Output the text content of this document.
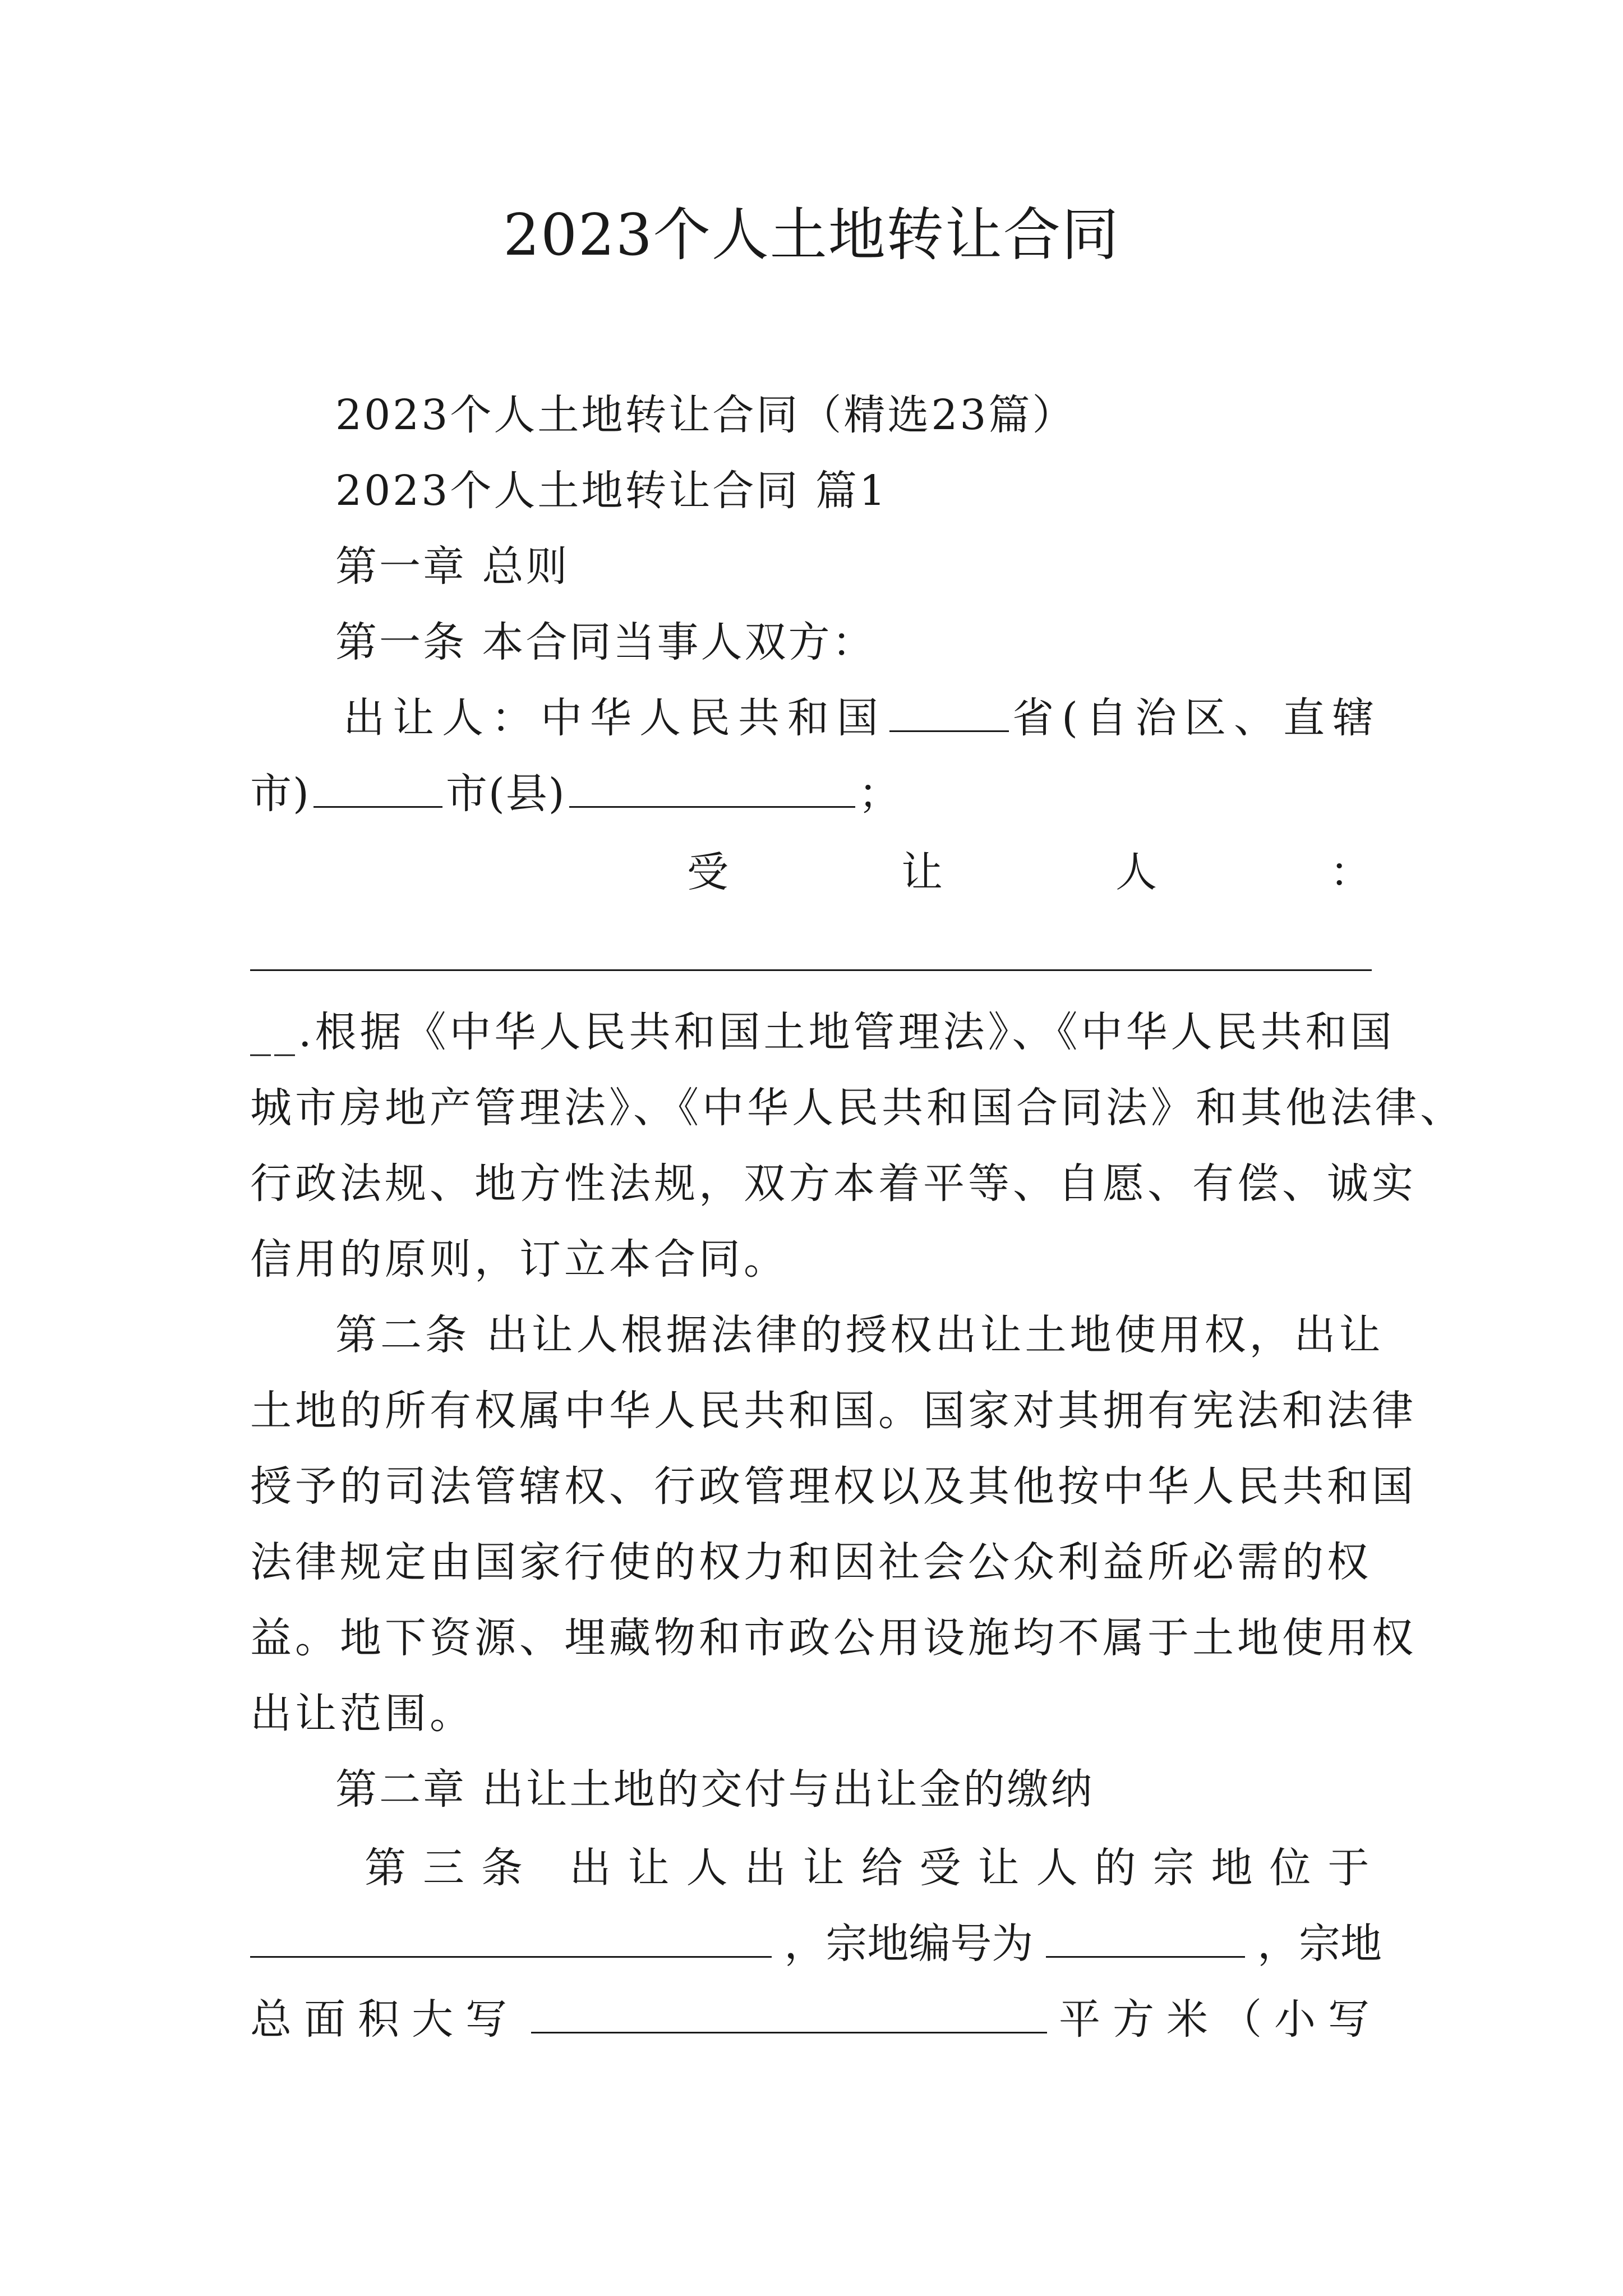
2023个人土地转让合同
2023个人土地转让合同（精选23篇）
2023个人土地转让合同 篇1
第一章 总则
第一条 本合同当事人双方：
出让人：中华人民共和国	省(自治区、直辖
市)	市(县)	；
受	让	人	：
__.根据《中华人民共和国土地管理法》、《中华人民共和国
城市房地产管理法》、《中华人民共和国合同法》和其他法律、
行政法规、地方性法规，双方本着平等、自愿、有偿、诚实
信用的原则，订立本合同。
第二条 出让人根据法律的授权出让土地使用权，出让
土地的所有权属中华人民共和国。国家对其拥有宪法和法律
授予的司法管辖权、行政管理权以及其他按中华人民共和国
法律规定由国家行使的权力和因社会公众利益所必需的权
益。地下资源、埋藏物和市政公用设施均不属于土地使用权
出让范围。
第二章 出让土地的交付与出让金的缴纳
第三条 出让人出让给受让人的宗地位于
，宗地编号为	，宗地
总面积大写	平方米（小写
